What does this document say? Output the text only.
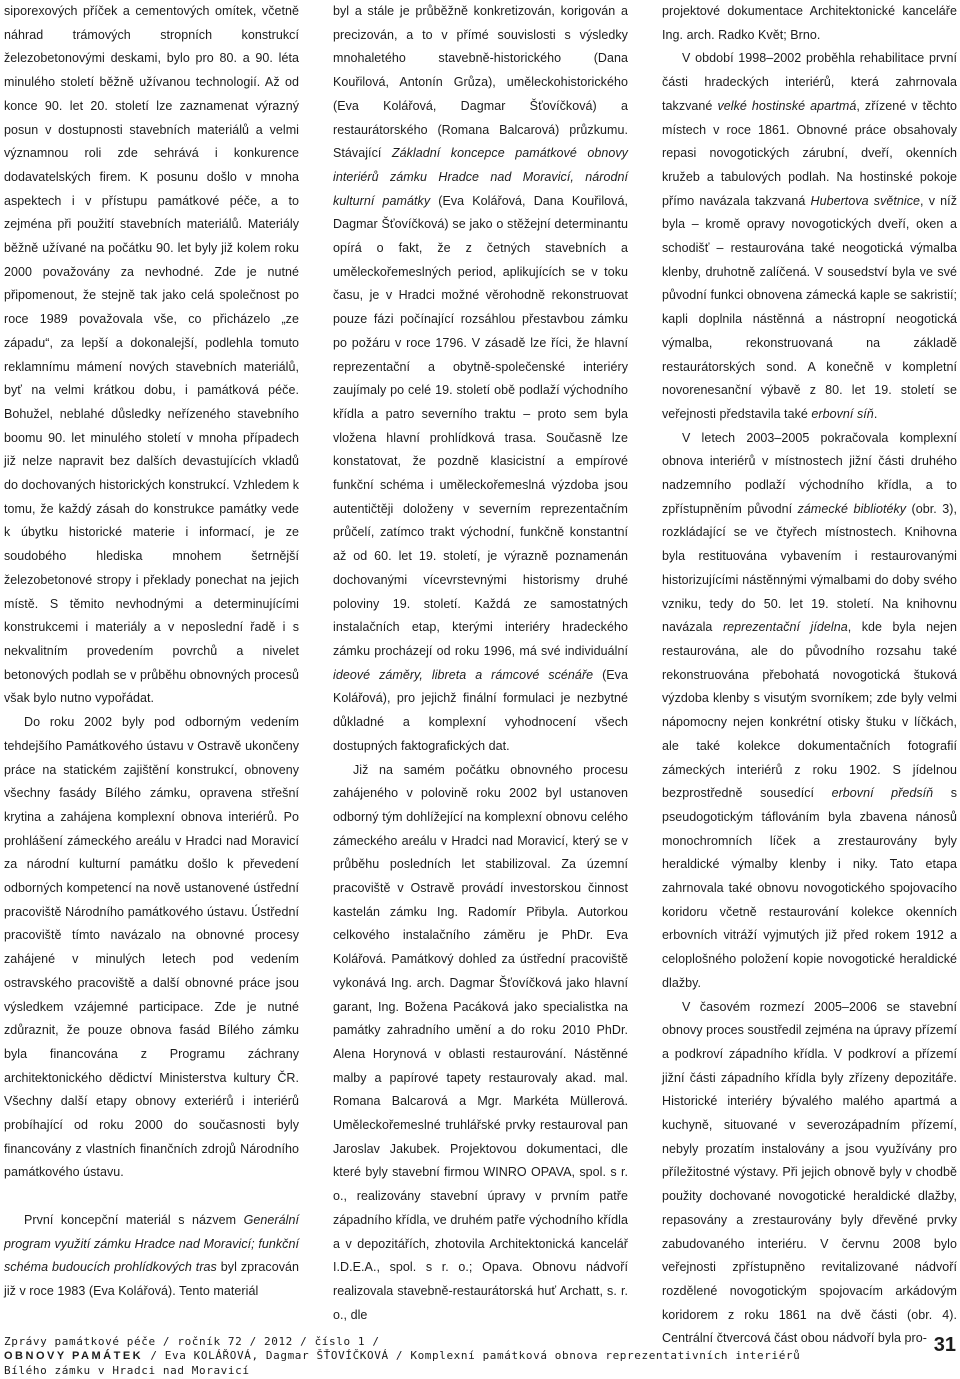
siporexových příček a cementových omítek, včetně náhrad trámových stropních konstrukcí železobetonovými deskami, bylo pro 80. a 90. léta minulého století běžně užívanou technologií. Až od konce 90. let 20. století lze zaznamenat výrazný posun v dostupnosti stavebních materiálů a velmi významnou roli zde sehrává i konkurence dodavatelských firem. K posunu došlo v mnoha aspektech i v přístupu památkové péče, a to zejména při použití stavebních materiálů. Materiály běžně užívané na počátku 90. let byly již kolem roku 2000 považovány za nevhodné. Zde je nutné připomenout, že stejně tak jako celá společnost po roce 1989 považovala vše, co přicházelo „ze západu“, za lepší a dokonalejší, podlehla tomuto reklamnímu mámení nových stavebních materiálů, byť na velmi krátkou dobu, i památková péče. Bohužel, neblahé důsledky neřízeného stavebního boomu 90. let minulého století v mnoha případech již nelze napravit bez dalších devastujících vkladů do dochovaných historických konstrukcí. Vzhledem k tomu, že každý zásah do konstrukce památky vede k úbytku historické materie i informací, je ze soudobého hlediska mnohem šetrnější železobetonové stropy i překlady ponechat na jejich místě. S těmito nevhodnými a determinujícími konstrukcemi i materiály a v neposlední řadě i s nekvalitním provedením povrchů a nivelet betonových podlah se v průběhu obnovných procesů však bylo nutno vypořádat.

Do roku 2002 byly pod odborným vedením tehdejšího Památkového ústavu v Ostravě ukončeny práce na statickém zajištění konstrukcí, obnoveny všechny fasády Bílého zámku, opravena střešní krytina a zahájena komplexní obnova interiérů. Po prohlášení zámeckého areálu v Hradci nad Moravicí za národní kulturní památku došlo k převedení odborných kompetencí na nově ustanovené ústřední pracoviště Národního památkového ústavu. Ústřední pracoviště tímto navázalo na obnovné procesy zahájené v minulých letech pod vedením ostravského pracoviště a další obnovné práce jsou výsledkem vzájemné participace. Zde je nutné zdůraznit, že pouze obnova fasád Bílého zámku byla financována z Programu záchrany architektonického dědictví Ministerstva kultury ČR. Všechny další etapy obnovy exteriérů i interiérů probíhající od roku 2000 do současnosti byly financovány z vlastních finančních zdrojů Národního památkového ústavu.

První koncepční materiál s názvem Generální program využití zámku Hradce nad Moravicí; funkční schéma budoucích prohlídkových tras byl zpracován již v roce 1983 (Eva Kolářová). Tento materiál

byl a stále je průběžně konkretizován, korigován a precizován, a to v přímé souvislosti s výsledky mnohaletého stavebně-historického (Dana Kouřilová, Antonín Grůza), uměleckohistorického (Eva Kolářová, Dagmar Šťovíčková) a restaurátorského (Romana Balcarová) průzkumu. Stávající Základní koncepce památkové obnovy interiérů zámku Hradce nad Moravicí, národní kulturní památky (Eva Kolářová, Dana Kouřilová, Dagmar Šťovíčková) se jako o stěžejní determinantu opírá o fakt, že z četných stavebních a uměleckořemeslných period, aplikujících se v toku času, je v Hradci možné věrohodně rekonstruovat pouze fázi počínající rozsáhlou přestavbou zámku po požáru v roce 1796. V zásadě lze říci, že hlavní reprezentační a obytně-společenské interiéry zaujímaly po celé 19. století obě podlaží východního křídla a patro severního traktu – proto sem byla vložena hlavní prohlídková trasa. Současně lze konstatovat, že pozdně klasicistní a empírové funkční schéma i uměleckořemeslná výzdoba jsou autentičtěji doloženy v severním reprezentačním průčelí, zatímco trakt východní, funkčně konstantní až od 60. let 19. století, je výrazně poznamenán dochovanými vícevrstevnými historismy druhé poloviny 19. století. Každá ze samostatných instalačních etap, kterými interiéry hradeckého zámku procházejí od roku 1996, má své individuální ideové záměry, libreta a rámcové scénáře (Eva Kolářová), pro jejichž finální formulaci je nezbytné důkladné a komplexní vyhodnocení všech dostupných faktografických dat.

Již na samém počátku obnovného procesu zahájeného v polovině roku 2002 byl ustanoven odborný tým dohlížející na komplexní obnovu celého zámeckého areálu v Hradci nad Moravicí, který se v průběhu posledních let stabilizoval. Za územní pracoviště v Ostravě provádí investorskou činnost kastelán zámku Ing. Radomír Přibyla. Autorkou celkového instalačního záměru je PhDr. Eva Kolářová. Památkový dohled za ústřední pracoviště vykonává Ing. arch. Dagmar Šťovíčková jako hlavní garant, Ing. Božena Pacáková jako specialistka na památky zahradního umění a do roku 2010 PhDr. Alena Horynová v oblasti restaurování. Nástěnné malby a papírové tapety restaurovaly akad. mal. Romana Balcarová a Mgr. Markéta Müllerová. Uměleckořemeslné truhlářské prvky restauroval pan Jaroslav Jakubek. Projektovou dokumentaci, dle které byly stavební firmou WINRO OPAVA, spol. s r. o., realizovány stavební úpravy v prvním patře západního křídla, ve druhém patře východního křídla a v depozitářích, zhotovila Architektonická kancelář I.D.E.A., spol. s r. o.; Opava. Obnovu nádvoří realizovala stavebně-restaurátorská huť Archatt, s. r. o., dle

projektové dokumentace Architektonické kanceláře Ing. arch. Radko Květ; Brno.

V období 1998–2002 proběhla rehabilitace první části hradeckých interiérů, která zahrnovala takzvané velké hostinské apartmá, zřízené v těchto místech v roce 1861. Obnovné práce obsahovaly repasi novogotických zárubní, dveří, okenních kružeb a tabulových podlah. Na hostinské pokoje přímo navázala takzvaná Hubertova světnice, v níž byla – kromě opravy novogotických dveří, oken a schodišť – restaurována také neogotická výmalba klenby, druhotně zalíčená. V sousedství byla ve své původní funkci obnovena zámecká kaple se sakristií; kapli doplnila nástěnná a nástropní neogotická výmalba, rekonstruovaná na základě restaurátorských sond. A konečně v kompletní novorenesanční výbavě z 80. let 19. století se veřejnosti představila také erbovní síň.

V letech 2003–2005 pokračovala komplexní obnova interiérů v místnostech jižní části druhého nadzemního podlaží východního křídla, a to zpřístupněním původní zámecké bibliotéky (obr. 3), rozkládající se ve čtyřech místnostech. Knihovna byla restituována vybavením i restaurovanými historizujícími nástěnnými výmalbami do doby svého vzniku, tedy do 50. let 19. století. Na knihovnu navázala reprezentační jídelna, kde byla nejen restaurována, ale do původního rozsahu také rekonstruována přebohatá novogotická štuková výzdoba klenby s visutým svorníkem; zde byly velmi nápomocny nejen konkrétní otisky štuku v líčkách, ale také kolekce dokumentačních fotografií zámeckých interiérů z roku 1902. S jídelnou bezprostředně sousedící erbovní předsíň s pseudogotickým táflováním byla zbavena nánosů monochromních líček a zrestaurovány byly heraldické výmalby klenby i niky. Tato etapa zahrnovala také obnovu novogotického spojovacího koridoru včetně restaurování kolekce okenních erbovních vitráží vyjmutých již před rokem 1912 a celoplošného položení kopie novogotické heraldické dlažby.

V časovém rozmezí 2005–2006 se stavební obnovy proces soustředil zejména na úpravy přízemí a podkroví západního křídla. V podkroví a přízemí jižní části západního křídla byly zřízeny depozitáře. Historické interiéry bývalého malého apartmá a kuchyně, situované v severozápadním přízemí, nebyly prozatím instalovány a jsou využívány pro příležitostné výstavy. Při jejich obnově byly v chodbě použity dochované novogotické heraldické dlažby, repasovány a zrestaurovány byly dřevěné prvky zabudovaného interiéru. V červnu 2008 bylo veřejnosti zpřístupněno revitalizované nádvoří rozdělené novogotickým spojovacím arkádovým koridorem z roku 1861 na dvě části (obr. 4). Centrální čtvercová část obou nádvoří byla pro-

Zprávy památkové péče / ročník 72 / 2012 / číslo 1 /
OBNOVY PAMÁTEK / Eva KOLÁŘOVÁ, Dagmar ŠŤOVÍČKOVÁ / Komplexní památková obnova reprezentativních interiérů
Bílého zámku v Hradci nad Moravicí
31
